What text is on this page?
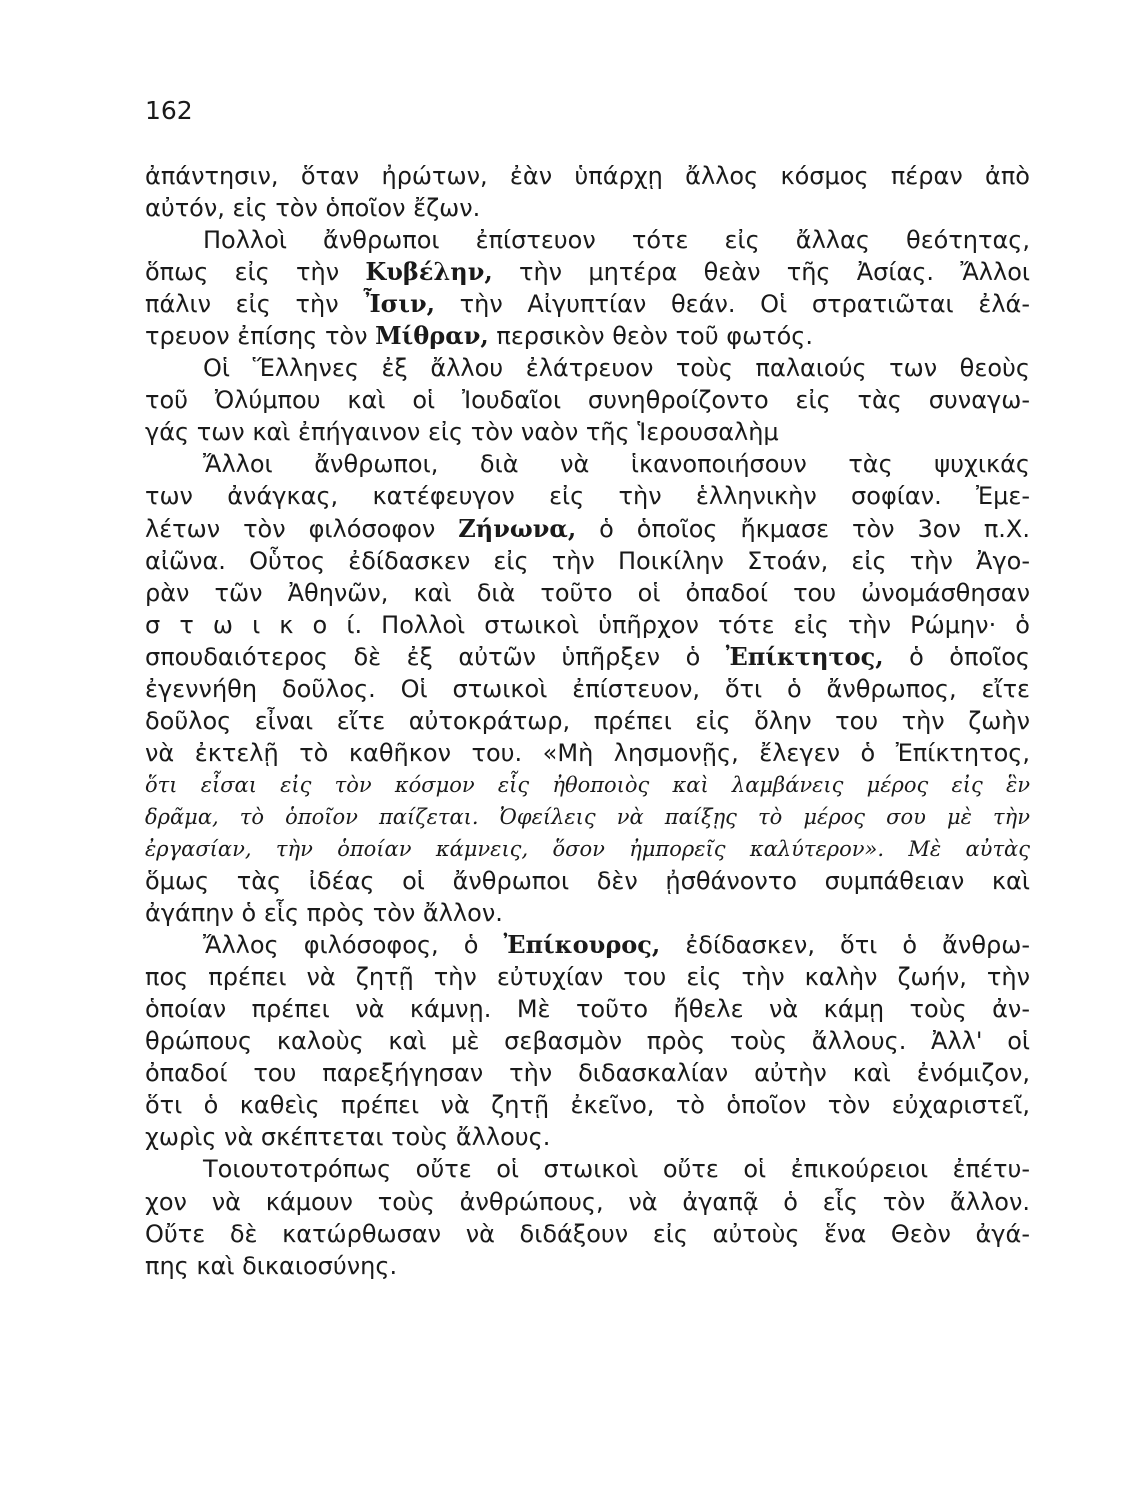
162
ἀπάντησιν, ὅταν ἠρώτων, ἐὰν ὑπάρχῃ ἄλλος κόσμος πέραν ἀπὸ
αὐτόν, εἰς τὸν ὁποῖον ἔζων.
Πολλοὶ ἄνθρωποι ἐπίστευον τότε εἰς ἄλλας θεότητας,
ὅπως εἰς τὴν Κυβέλην, τὴν μητέρα θεὰν τῆς Ἀσίας. Ἄλλοι
πάλιν εἰς τὴν Ἶσιν, τὴν Αἰγυπτίαν θεάν. Οἱ στρατιῶται ἐλά-
τρευον ἐπίσης τὸν Μίθραν, περσικὸν θεὸν τοῦ φωτός.
Οἱ Ἕλληνες ἐξ ἄλλου ἐλάτρευον τοὺς παλαιούς των θεοὺς
τοῦ Ὀλύμπου καὶ οἱ Ἰουδαῖοι συνηθροίζοντο εἰς τὰς συναγω-
γάς των καὶ ἐπήγαινον εἰς τὸν ναὸν τῆς Ἱερουσαλὴμ
Ἄλλοι ἄνθρωποι, διὰ νὰ ἱκανοποιήσουν τὰς ψυχικάς
των ἀνάγκας, κατέφευγον εἰς τὴν ἑλληνικὴν σοφίαν. Ἐμε-
λέτων τὸν φιλόσοφον Ζήνωνα, ὁ ὁποῖος ἤκμασε τὸν 3ον π.Χ.
αἰῶνα. Οὗτος ἐδίδασκεν εἰς τὴν Ποικίλην Στοάν, εἰς τὴν Ἀγο-
ρὰν τῶν Ἀθηνῶν, καὶ διὰ τοῦτο οἱ ὀπαδοί του ὠνομάσθησαν
σ τ ω ι κ ο ί. Πολλοὶ στωικοὶ ὑπῆρχον τότε εἰς τὴν Ρώμην· ὁ
σπουδαιότερος δὲ ἐξ αὐτῶν ὑπῆρξεν ὁ Ἐπίκτητος, ὁ ὁποῖος
ἐγεννήθη δοῦλος. Οἱ στωικοὶ ἐπίστευον, ὅτι ὁ ἄνθρωπος, εἴτε
δοῦλος εἶναι εἴτε αὐτοκράτωρ, πρέπει εἰς ὅλην του τὴν ζωὴν
νὰ ἐκτελῇ τὸ καθῆκον του. «Μὴ λησμονῇς, ἔλεγεν ὁ Ἐπίκτητος,
ὅτι εἶσαι εἰς τὸν κόσμον εἷς ἠθοποιὸς καὶ λαμβάνεις μέρος εἰς ἓν
δρᾶμα, τὸ ὁποῖον παίζεται. Ὀφείλεις νὰ παίξῃς τὸ μέρος σου μὲ τὴν
ἐργασίαν, τὴν ὁποίαν κάμνεις, ὅσον ἠμπορεῖς καλύτερον». Μὲ αὐτὰς
ὅμως τὰς ἰδέας οἱ ἄνθρωποι δὲν ᾐσθάνοντο συμπάθειαν καὶ
ἀγάπην ὁ εἷς πρὸς τὸν ἄλλον.
Ἄλλος φιλόσοφος, ὁ Ἐπίκουρος, ἐδίδασκεν, ὅτι ὁ ἄνθρω-
πος πρέπει νὰ ζητῇ τὴν εὐτυχίαν του εἰς τὴν καλὴν ζωήν, τὴν
ὁποίαν πρέπει νὰ κάμνῃ. Μὲ τοῦτο ἤθελε νὰ κάμῃ τοὺς ἀν-
θρώπους καλοὺς καὶ μὲ σεβασμὸν πρὸς τοὺς ἄλλους. Ἀλλ' οἱ
ὀπαδοί του παρεξήγησαν τὴν διδασκαλίαν αὐτὴν καὶ ἐνόμιζον,
ὅτι ὁ καθεὶς πρέπει νὰ ζητῇ ἐκεῖνο, τὸ ὁποῖον τὸν εὐχαριστεῖ,
χωρὶς νὰ σκέπτεται τοὺς ἄλλους.
Τοιουτοτρόπως οὔτε οἱ στωικοὶ οὔτε οἱ ἐπικούρειοι ἐπέτυ-
χον νὰ κάμουν τοὺς ἀνθρώπους, νὰ ἀγαπᾷ ὁ εἷς τὸν ἄλλον.
Οὔτε δὲ κατώρθωσαν νὰ διδάξουν εἰς αὐτοὺς ἕνα Θεὸν ἀγά-
πης καὶ δικαιοσύνης.
